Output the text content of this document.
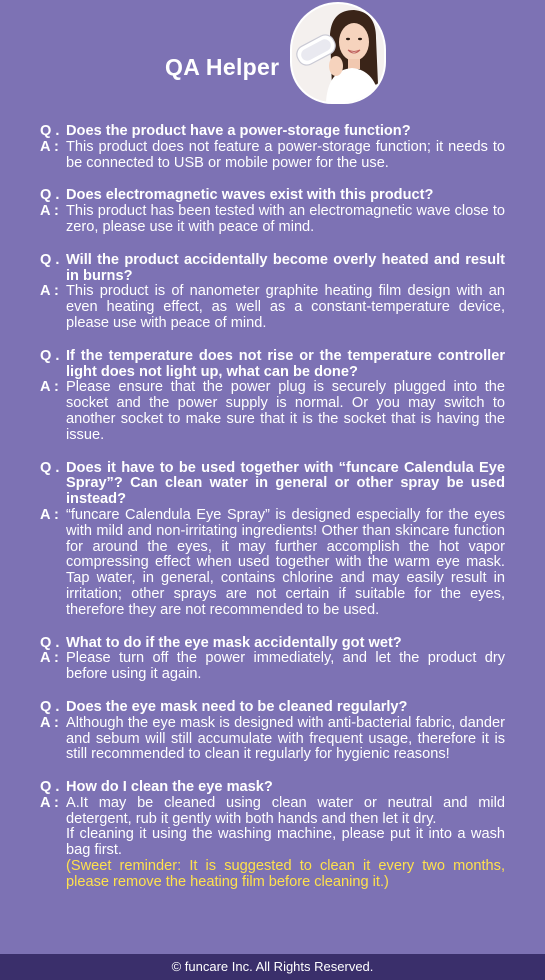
QA Helper
Q . Does the product have a power-storage function?
A : This product does not feature a power-storage function; it needs to be connected to USB or mobile power for the use.
Q . Does electromagnetic waves exist with this product?
A : This product has been tested with an electromagnetic wave close to zero, please use it with peace of mind.
Q . Will the product accidentally become overly heated and result in burns?
A : This product is of nanometer graphite heating film design with an even heating effect, as well as a constant-temperature device, please use with peace of mind.
Q . If the temperature does not rise or the temperature controller light does not light up, what can be done?
A : Please ensure that the power plug is securely plugged into the socket and the power supply is normal. Or you may switch to another socket to make sure that it is the socket that is having the issue.
Q . Does it have to be used together with “funcare Calendula Eye Spray”? Can clean water in general or other spray be used instead?
A : “funcare Calendula Eye Spray” is designed especially for the eyes with mild and non-irritating ingredients! Other than skincare function for around the eyes, it may further accomplish the hot vapor compressing effect when used together with the warm eye mask. Tap water, in general, contains chlorine and may easily result in irritation; other sprays are not certain if suitable for the eyes, therefore they are not recommended to be used.
Q . What to do if the eye mask accidentally got wet?
A : Please turn off the power immediately, and let the product dry before using it again.
Q . Does the eye mask need to be cleaned regularly?
A : Although the eye mask is designed with anti-bacterial fabric, dander and sebum will still accumulate with frequent usage, therefore it is still recommended to clean it regularly for hygienic reasons!
Q . How do I clean the eye mask?
A : A.It may be cleaned using clean water or neutral and mild detergent, rub it gently with both hands and then let it dry.
If cleaning it using the washing machine, please put it into a wash bag first.
(Sweet reminder: It is suggested to clean it every two months, please remove the heating film before cleaning it.)
© funcare Inc. All Rights Reserved.
